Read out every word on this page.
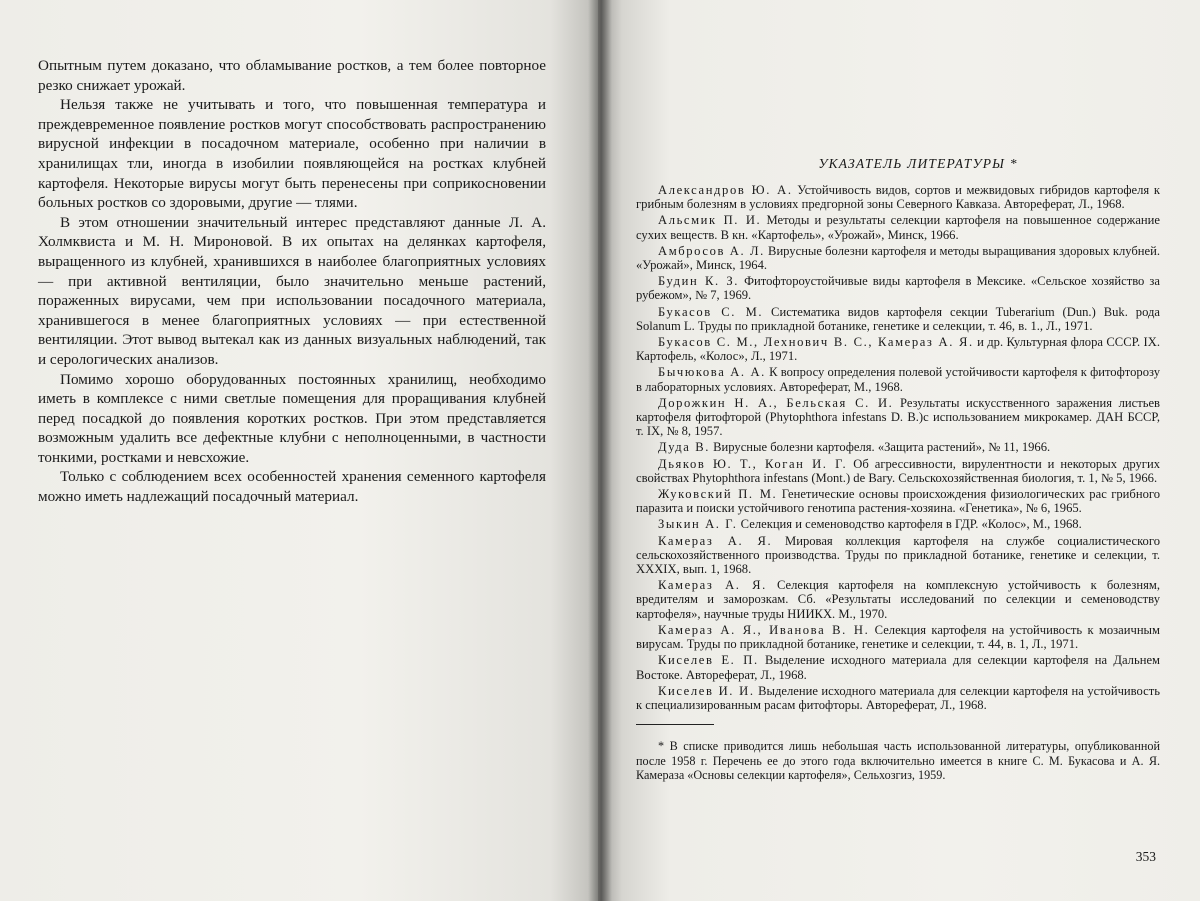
Опытным путем доказано, что обламывание ростков, а тем более повторное резко снижает урожай.

Нельзя также не учитывать и того, что повышенная температура и преждевременное появление ростков могут способствовать распространению вирусной инфекции в посадочном материале, особенно при наличии в хранилищах тли, иногда в изобилии появляющейся на ростках клубней картофеля. Некоторые вирусы могут быть перенесены при соприкосновении больных ростков со здоровыми, другие — тлями.

В этом отношении значительный интерес представляют данные Л. А. Холмквиста и М. Н. Мироновой. В их опытах на делянках картофеля, выращенного из клубней, хранившихся в наиболее благоприятных условиях — при активной вентиляции, было значительно меньше растений, пораженных вирусами, чем при использовании посадочного материала, хранившегося в менее благоприятных условиях — при естественной вентиляции. Этот вывод вытекал как из данных визуальных наблюдений, так и серологических анализов.

Помимо хорошо оборудованных постоянных хранилищ, необходимо иметь в комплексе с ними светлые помещения для проращивания клубней перед посадкой до появления коротких ростков. При этом представляется возможным удалить все дефектные клубни с неполноценными, в частности тонкими, ростками и невсхожие.

Только с соблюдением всех особенностей хранения семенного картофеля можно иметь надлежащий посадочный материал.

УКАЗАТЕЛЬ ЛИТЕРАТУРЫ *

Александров Ю. А. Устойчивость видов, сортов и межвидовых гибридов картофеля к грибным болезням в условиях предгорной зоны Северного Кавказа. Автореферат, Л., 1968.

Альсмик П. И. Методы и результаты селекции картофеля на повышенное содержание сухих веществ. В кн. «Картофель», «Урожай», Минск, 1966.

Амбросов А. Л. Вирусные болезни картофеля и методы выращивания здоровых клубней. «Урожай», Минск, 1964.

Будин К. З. Фитофтороустойчивые виды картофеля в Мексике. «Сельское хозяйство за рубежом», № 7, 1969.

Букасов С. М. Систематика видов картофеля секции Tuberarium (Dun.) Buk. рода Solanum L. Труды по прикладной ботанике, генетике и селекции, т. 46, в. 1., Л., 1971.

Букасов С. М., Лехнович В. С., Камераз А. Я. и др. Культурная флора СССР. IX. Картофель, «Колос», Л., 1971.

Бычюкова А. А. К вопросу определения полевой устойчивости картофеля к фитофторозу в лабораторных условиях. Автореферат, М., 1968.

Дорожкин Н. А., Бельская С. И. Результаты искусственного заражения листьев картофеля фитофторой (Phytophthora infestans D. B.)с использованием микрокамер. ДАН БССР, т. IX, № 8, 1957.

Дуда В. Вирусные болезни картофеля. «Защита растений», № 11, 1966.

Дьяков Ю. Т., Коган И. Г. Об агрессивности, вирулентности и некоторых других свойствах Phytophthora infestans (Mont.) de Bary. Сельскохозяйственная биология, т. 1, № 5, 1966.

Жуковский П. М. Генетические основы происхождения физиологических рас грибного паразита и поиски устойчивого генотипа растения-хозяина. «Генетика», № 6, 1965.

Зыкин А. Г. Селекция и семеноводство картофеля в ГДР. «Колос», М., 1968.

Камераз А. Я. Мировая коллекция картофеля на службе социалистического сельскохозяйственного производства. Труды по прикладной ботанике, генетике и селекции, т. XXXIX, вып. 1, 1968.

Камераз А. Я. Селекция картофеля на комплексную устойчивость к болезням, вредителям и заморозкам. Сб. «Результаты исследований по селекции и семеноводству картофеля», научные труды НИИКХ. М., 1970.

Камераз А. Я., Иванова В. Н. Селекция картофеля на устойчивость к мозаичным вирусам. Труды по прикладной ботанике, генетике и селекции, т. 44, в. 1, Л., 1971.

Киселев Е. П. Выделение исходного материала для селекции картофеля на Дальнем Востоке. Автореферат, Л., 1968.

Киселев И. И. Выделение исходного материала для селекции картофеля на устойчивость к специализированным расам фитофторы. Автореферат, Л., 1968.

* В списке приводится лишь небольшая часть использованной литературы, опубликованной после 1958 г. Перечень ее до этого года включительно имеется в книге С. М. Букасова и А. Я. Камераза «Основы селекции картофеля», Сельхозгиз, 1959.

353
